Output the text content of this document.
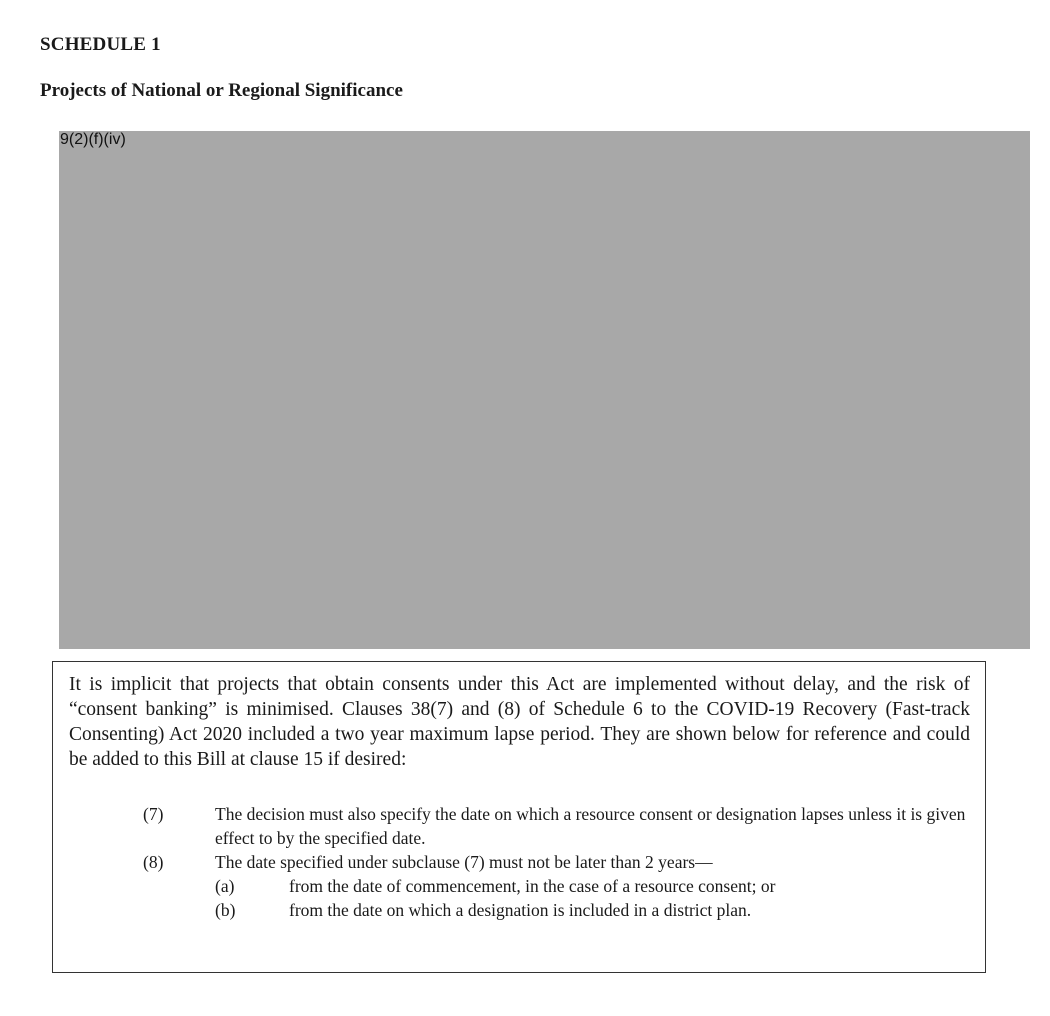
SCHEDULE 1
Projects of National or Regional Significance
9(2)(f)(iv)

It is implicit that projects that obtain consents under this Act are implemented without delay, and the risk of “consent banking” is minimised. Clauses 38(7) and (8) of Schedule 6 to the COVID-19 Recovery (Fast-track Consenting) Act 2020 included a two year maximum lapse period. They are shown below for reference and could be added to this Bill at clause 15 if desired:

(7)	The decision must also specify the date on which a resource consent or designation lapses unless it is given effect to by the specified date.
(8)	The date specified under subclause (7) must not be later than 2 years—
(a)	from the date of commencement, in the case of a resource consent; or
(b)	from the date on which a designation is included in a district plan.
